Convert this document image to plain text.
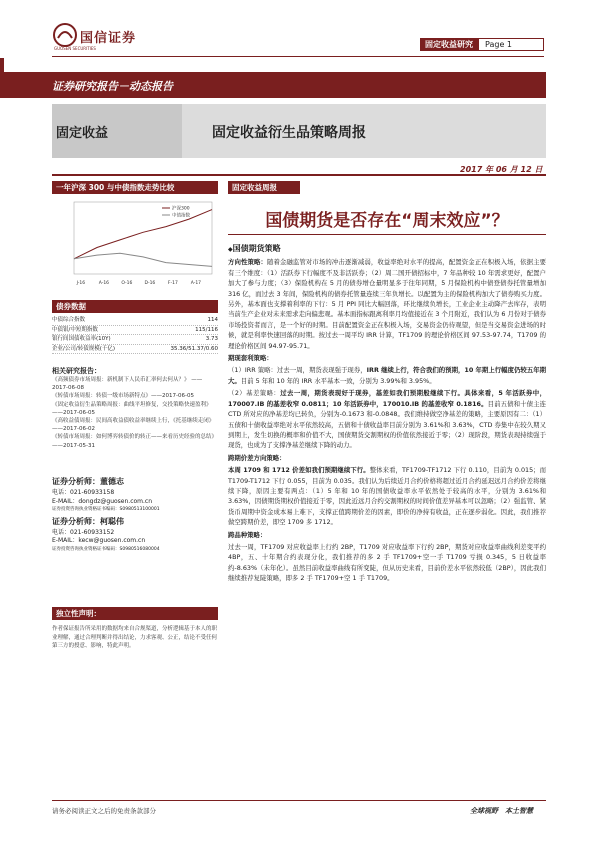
国信证券
GUOSEN SECURITIES	固定收益研究	Page 1
证券研究报告－动态报告
固定收益	固定收益衍生品策略周报
2017 年 06 月 12 日
一年沪深 300 与中债指数走势比较
J-16	A-16	O-16	D-16	F-17	A-17
沪深300
中债指数
债券数据
中债综合指数	114
中债银/中短期指数	115/116
银行间国债收益率(10Y)	3.73
企业/公司/转债规模(千亿)	35.36/51.37/0.60
相关研究报告：
《高频债券市场周报：新机制下人民币汇率何去何从？》 ——2017-06-08
《转债市场周报：转债一级市场新特点》——2017-06-05
《固定收益衍生品策略周报：曲线平坦修复，交投策略快速盈利》——2017-06-05
《高收益债周报：民间高收益债收益率继续上行，《托基继续走闭》——2017-06-02
《转债市场周报：如何博弈转债价的转正——来看历史经验的总结》——2017-05-31
证券分析师：董德志
电话：021-60933158
E-MAIL：dongdz@guosen.com.cn
证券投资咨询执业资格证书编码：S0980513100001
证券分析师：柯聪伟
电话：021-60933152
E-MAIL：kecw@guosen.com.cn
证券投资咨询执业资格证书编码：S0980516080004
独立性声明：
作者保证报告所采用的数据均来自合规渠道，分析逻辑基于本人的职业理解，通过合理判断并得出结论，力求客观、公正，结论不受任何第三方的授意、影响，特此声明。
固定收益周报
国债期货是否存在“周末效应”？
◆ 国债期货策略

方向性策略：随着金融监管对市场的冲击逐渐减弱，收益率绝对水平的提高，配置资金正在积极入场，依据主要有三个维度：（1）活跃券下行幅度不及非活跃券；（2）周二国开债招标中，7 年品种较 10 年需求更好，配置户加大了参与力度；（3）保险机构在 5 月的债券增仓量明显多于往年同期，5 月保险机构中债登债券托管量增加 316 亿，而过去 3 年间，保险机构的债券托管量连续三年负增长。以配置为主的保险机构加大了债券购买力度。另外，基本面也支撑着利率的下行：5 月 PPI 同比大幅回落，环比继续负增长，工业企业主动降产去库存，表明当前生产企业对未来需求走向偏悲观。基本面指标跟离利率月均值接近在 3 个月附近，我们认为 6 月份对于债券市场投资者而言，是一个好的时期。目前配置资金正在积极入场，交易资金仍待观望，但是当交易资金进场的时候，就是利率快速回落的时期。按过去一周平均 IRR 计算，TF1709 的理论价格区间 97.53-97.74，T1709 的理论价格区间 94.97-95.71。

期现套利策略：

（1）IRR 策略：过去一周，期货表现强于现券，IRR 继续上行，符合我们的预期，10 年期上行幅度仍较五年期大。目前 5 年和 10 年的 IRR 水平基本一致，分别为 3.99%和 3.95%。

（2）基差策略：过去一周，期货表现好于现券，基差如我们预期般继续下行。具体来看，5 年活跃券中，170007.IB 的基差收窄 0.0811；10 年活跃券中，170010.IB 的基差收窄 0.1816。目前五债和十债主连 CTD 所对应的净基差均已转负，分别为-0.1673 和-0.0848。我们维持做空净基差的策略，主要原因有二：（1）五债和十债收益率绝对水平依然较高，五债和十债收益率目前分别为 3.61%和 3.63%，CTD 券集中在较久期又到期上，发生切换的概率和价值不大，国债期货交割期权的价值依然接近于零；（2）现阶段，期货表现持续强于现货，也成为了支撑净基差继续下降的动力。

跨期价差方向策略：

本周 1709 和 1712 价差如我们预期继续下行。整体来看，TF1709-TF1712 下行 0.110，目前为 0.015；而 T1709-T1712 下行 0.055，目前为 0.035。我们认为后续近月合约价格将超过近月合约延迟远月合约价差将继续下降，原因主要有两点：（1）5 年和 10 年的国债收益率水平依然处于较高的水平，分别为 3.61%和 3.63%，因债期货期权价值接近于零，因此近远月合约交割期权的时间价值差异基本可以忽略；（2）强监管、紧货币周期中资金成本易上难下，支撑正值跨期价差的因素，即价的净持有收益，正在逐步弱化。因此，我们推荐做空跨期价差，即空 1709 多 1712。

跨品种策略：

过去一周，TF1709 对应收益率上行约 2BP，T1709 对应收益率下行约 2BP，期货对应收益率曲线利差变平约 4BP，五、十年期合约表现分化，我们推荐的多 2 手 TF1709+空一手 T1709 亏损 0.345，5 日收益率约-8.63%（未年化）。虽然目前收益率曲线有所变陡，但从历史来看，目前价差水平依然较低（2BP），因此我们继续推荐复陡策略，即多 2 手 TF1709+空 1 手 T1709。

请务必阅读正文之后的免责条款部分	全球视野　本土智慧
